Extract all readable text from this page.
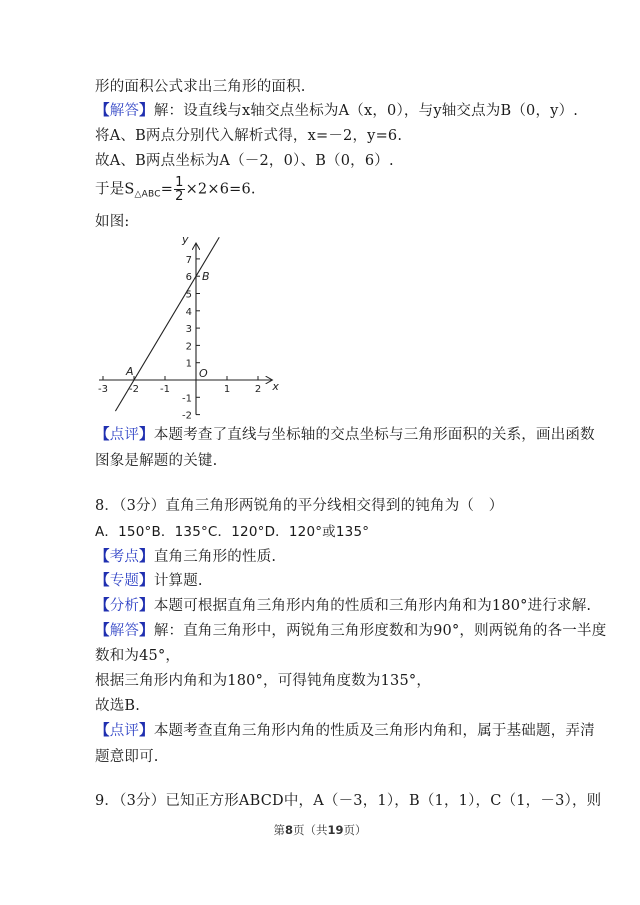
形的面积公式求出三角形的面积.
【解答】解：设直线与x轴交点坐标为A（x，0），与y轴交点为B（0，y）.
将A、B两点分别代入解析式得，x=－2，y=6.
故A、B两点坐标为A（－2，0）、B（0，6）.
于是$S_{\triangle ABC}= \frac{1}{2} \times 2\times 6=6$.
如图:
-3 -2 -1	1 2
7
6
5
4
3
2
1
-1
-2
x
y
O
A
B
【点评】本题考查了直线与坐标轴的交点坐标与三角形面积的关系，画出函数
图象是解题的关键.
8．（3分）直角三角形两锐角的平分线相交得到的钝角为（　）
A．150°B．135°C．120°D．120°或135°
【考点】直角三角形的性质.
【专题】计算题.
【分析】本题可根据直角三角形内角的性质和三角形内角和为180°进行求解.
【解答】解：直角三角形中，两锐角三角形度数和为90°，则两锐角的各一半度
数和为45°，
根据三角形内角和为180°，可得钝角度数为135°，
故选B.
【点评】本题考查直角三角形内角的性质及三角形内角和，属于基础题，弄清
题意即可.
9．（3分）已知正方形ABCD中，A（－3，1），B（1，1），C（1，－3），则
第8页（共19页）
